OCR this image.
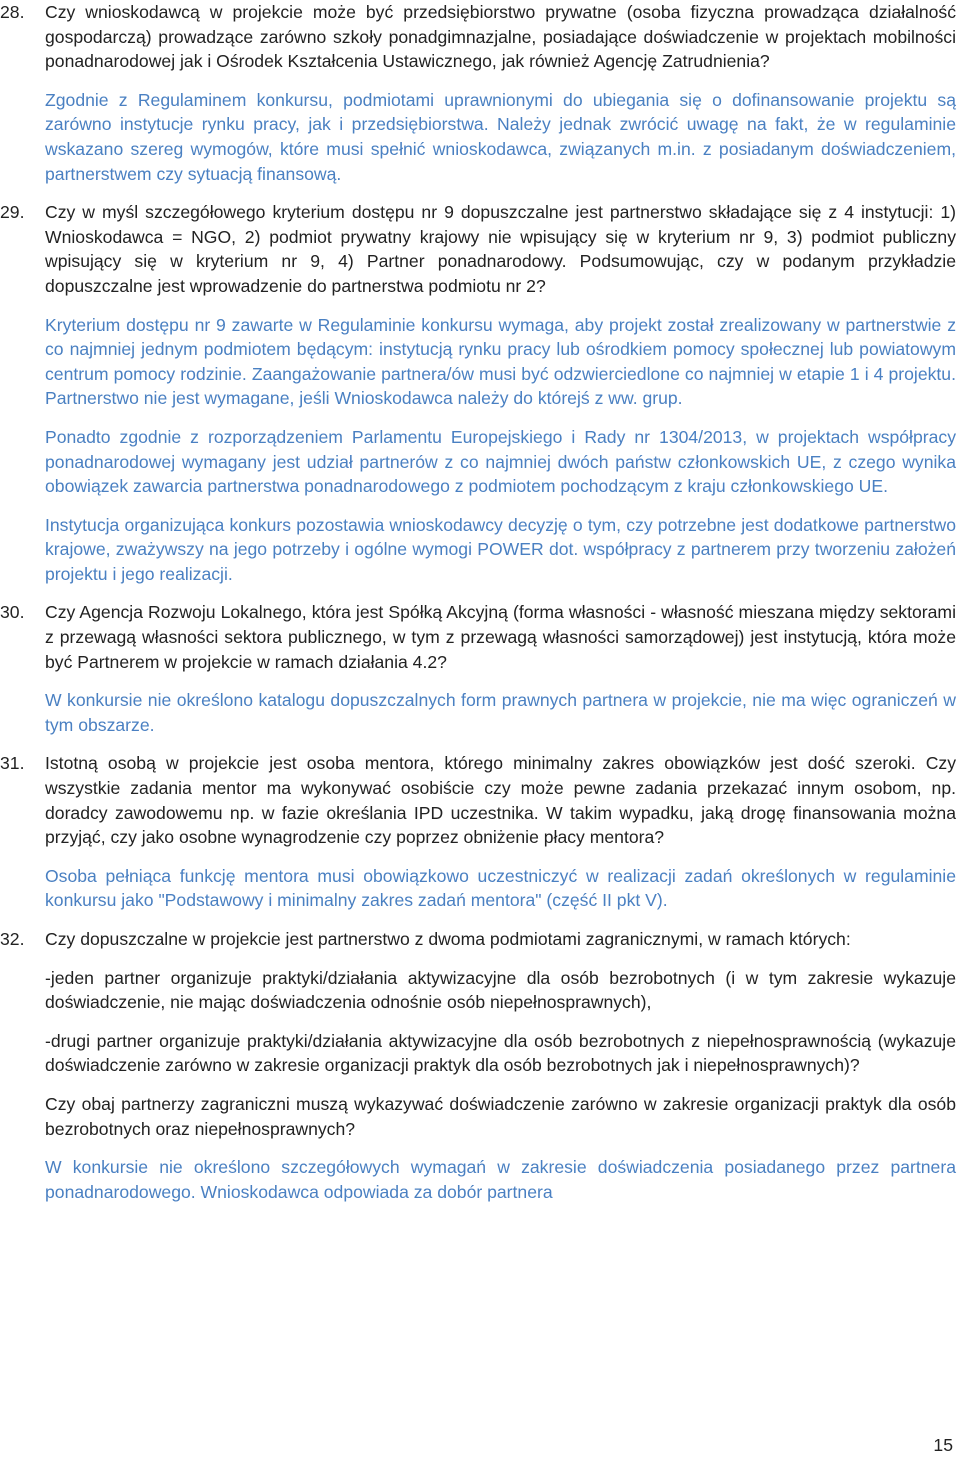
28.	Czy wnioskodawcą w projekcie może być przedsiębiorstwo prywatne (osoba fizyczna prowadząca działalność gospodarczą) prowadzące zarówno szkoły ponadgimnazjalne, posiadające doświadczenie w projektach mobilności ponadnarodowej jak i Ośrodek Kształcenia Ustawicznego, jak również Agencję Zatrudnienia?

Zgodnie z Regulaminem konkursu, podmiotami uprawnionymi do ubiegania się o dofinansowanie projektu są zarówno instytucje rynku pracy, jak i przedsiębiorstwa. Należy jednak zwrócić uwagę na fakt, że w regulaminie wskazano szereg wymogów, które musi spełnić wnioskodawca, związanych m.in. z posiadanym doświadczeniem, partnerstwem czy sytuacją finansową.

29.	Czy w myśl szczegółowego kryterium dostępu nr 9 dopuszczalne jest partnerstwo składające się z 4 instytucji: 1) Wnioskodawca = NGO, 2) podmiot prywatny krajowy nie wpisujący się w kryterium nr 9, 3) podmiot publiczny wpisujący się w kryterium nr 9, 4) Partner ponadnarodowy. Podsumowując, czy w podanym przykładzie dopuszczalne jest wprowadzenie do partnerstwa podmiotu nr 2?

Kryterium dostępu nr 9 zawarte w Regulaminie konkursu wymaga, aby projekt został zrealizowany w partnerstwie z co najmniej jednym podmiotem będącym: instytucją rynku pracy lub ośrodkiem pomocy społecznej lub powiatowym centrum pomocy rodzinie. Zaangażowanie partnera/ów musi być odzwierciedlone co najmniej w etapie 1 i 4 projektu. Partnerstwo nie jest wymagane, jeśli Wnioskodawca należy do którejś z ww. grup.

Ponadto zgodnie z rozporządzeniem Parlamentu Europejskiego i Rady nr 1304/2013, w projektach współpracy ponadnarodowej wymagany jest udział partnerów z co najmniej dwóch państw członkowskich UE, z czego wynika obowiązek zawarcia partnerstwa ponadnarodowego z podmiotem pochodzącym z kraju członkowskiego UE.

Instytucja organizująca konkurs pozostawia wnioskodawcy decyzję o tym, czy potrzebne jest dodatkowe partnerstwo krajowe, zważywszy na jego potrzeby i ogólne wymogi POWER dot. współpracy z partnerem przy tworzeniu założeń projektu i jego realizacji.

30.	Czy Agencja Rozwoju Lokalnego, która jest Spółką Akcyjną (forma własności - własność mieszana między sektorami z przewagą własności sektora publicznego, w tym z przewagą własności samorządowej) jest instytucją, która może być Partnerem w projekcie w ramach działania 4.2?

W konkursie nie określono katalogu dopuszczalnych form prawnych partnera w projekcie, nie ma więc ograniczeń w tym obszarze.

31.	Istotną osobą w projekcie jest osoba mentora, którego minimalny zakres obowiązków jest dość szeroki. Czy wszystkie zadania mentor ma wykonywać osobiście czy może pewne zadania przekazać innym osobom, np. doradcy zawodowemu np. w fazie określania IPD uczestnika. W takim wypadku, jaką drogę finansowania można przyjąć, czy jako osobne wynagrodzenie czy poprzez obniżenie płacy mentora?

Osoba pełniąca funkcję mentora musi obowiązkowo uczestniczyć w realizacji zadań określonych w regulaminie konkursu jako "Podstawowy i minimalny zakres zadań mentora" (część II pkt V).

32.	Czy dopuszczalne w projekcie jest partnerstwo z dwoma podmiotami zagranicznymi, w ramach których:

-jeden partner organizuje praktyki/działania aktywizacyjne dla osób bezrobotnych (i w tym zakresie wykazuje doświadczenie, nie mając doświadczenia odnośnie osób niepełnosprawnych),

-drugi partner organizuje praktyki/działania aktywizacyjne dla osób bezrobotnych z niepełnosprawnością (wykazuje doświadczenie zarówno w zakresie organizacji praktyk dla osób bezrobotnych jak i niepełnosprawnych)?

Czy obaj partnerzy zagraniczni muszą wykazywać doświadczenie zarówno w zakresie organizacji praktyk dla osób bezrobotnych oraz niepełnosprawnych?

W konkursie nie określono szczegółowych wymagań w zakresie doświadczenia posiadanego przez partnera ponadnarodowego. Wnioskodawca odpowiada za dobór partnera

15
